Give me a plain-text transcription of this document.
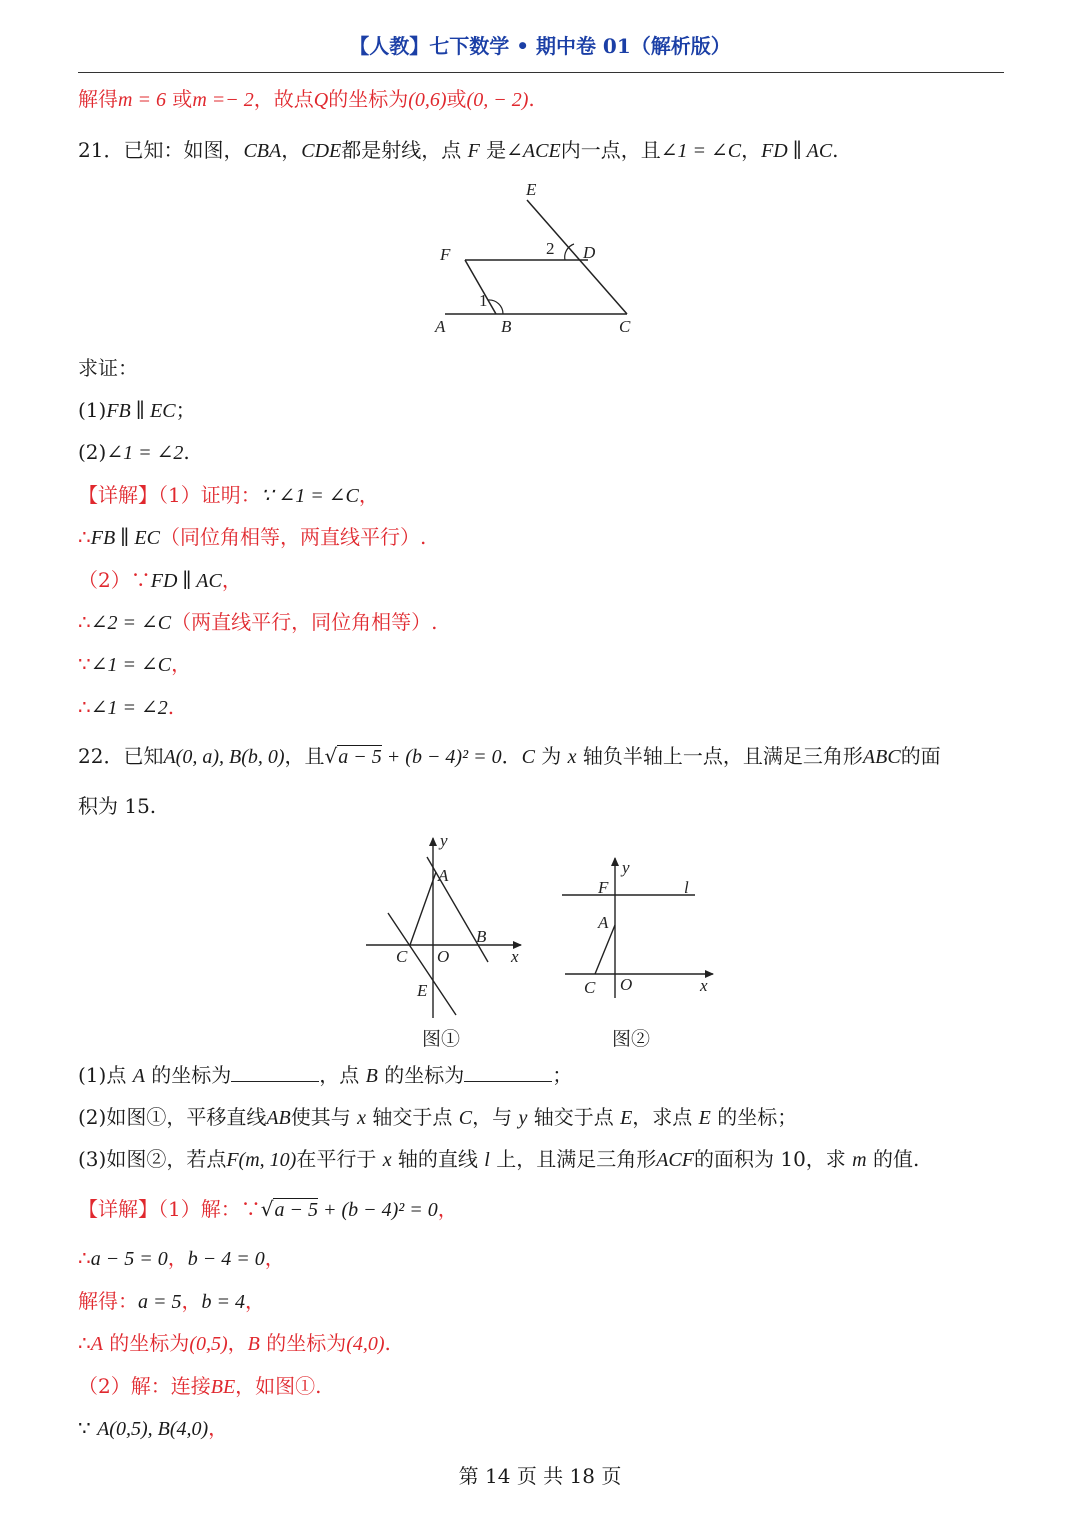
【人教】七下数学 • 期中卷 01（解析版）
解得m = 6 或m =− 2，故点Q的坐标为(0,6)或(0, − 2).
21．已知：如图，CBA，CDE都是射线，点 F 是∠ACE内一点，且∠1 = ∠C，FD ∥ AC.
E
D
F
A	B	C
1
2
求证：
(1)FB ∥ EC；
(2)∠1 = ∠2.
【详解】（1）证明：∵ ∠1 = ∠C，
∴FB ∥ EC（同位角相等，两直线平行）.
（2）∵FD ∥ AC，
∴∠2 = ∠C（两直线平行，同位角相等）.
∵∠1 = ∠C，
∴∠1 = ∠2.
22．已知A(0, a), B(b, 0)，且√a − 5 + (b − 4)² = 0．C 为 x 轴负半轴上一点，且满足三角形ABC的面
积为 15.
y
A
B
C O	x
E
y
F	l
A
C O	x
图①	图②
(1)点 A 的坐标为	，点 B 的坐标为	；
(2)如图①，平移直线AB使其与 x 轴交于点 C，与 y 轴交于点 E，求点 E 的坐标；
(3)如图②，若点F(m, 10)在平行于 x 轴的直线 l 上，且满足三角形ACF的面积为 10，求 m 的值.
【详解】（1）解：∵√a − 5 + (b − 4)² = 0，
∴a − 5 = 0，b − 4 = 0，
解得：a = 5，b = 4，
∴A 的坐标为(0,5)，B 的坐标为(4,0).
（2）解：连接BE，如图①.
∵ A(0,5), B(4,0)，
第 14 页 共 18 页
